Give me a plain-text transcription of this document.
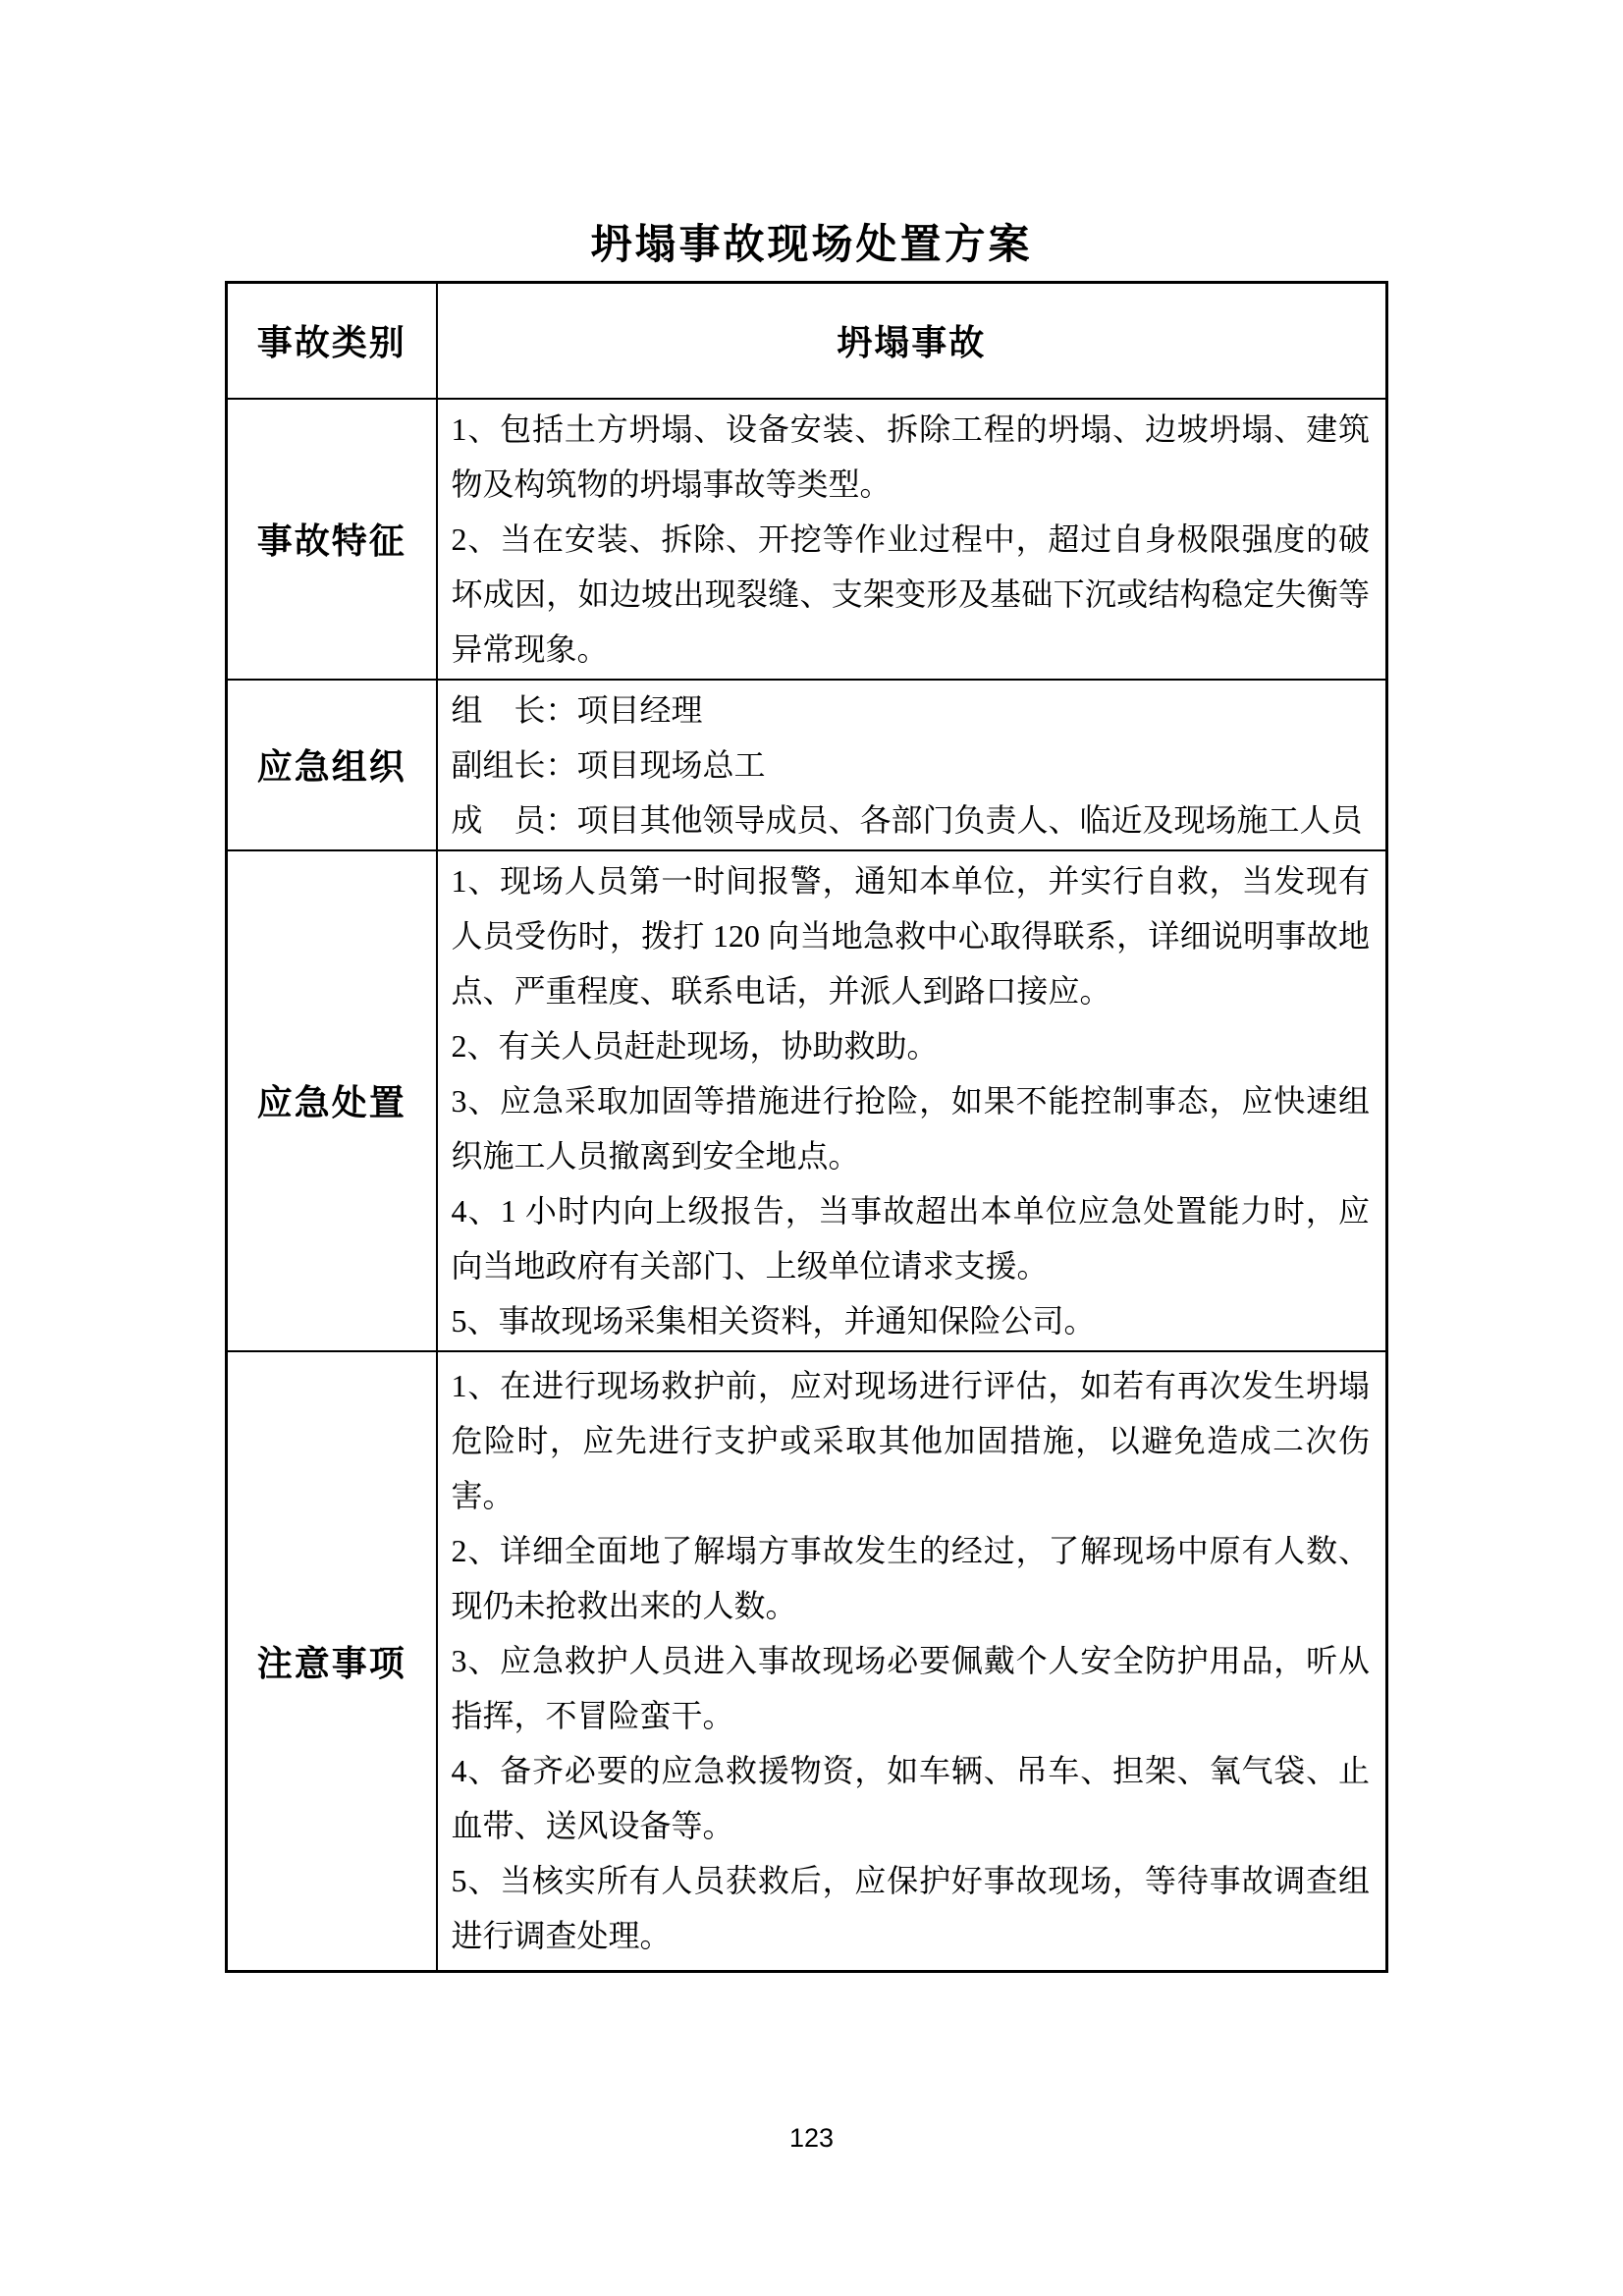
坍塌事故现场处置方案
事故类别	坍塌事故
事故特征	1、包括土方坍塌、设备安装、拆除工程的坍塌、边坡坍塌、建筑物及构筑物的坍塌事故等类型。
2、当在安装、拆除、开挖等作业过程中，超过自身极限强度的破坏成因，如边坡出现裂缝、支架变形及基础下沉或结构稳定失衡等异常现象。

应急组织	组　长：项目经理
副组长：项目现场总工
成　员：项目其他领导成员、各部门负责人、临近及现场施工人员

应急处置	1、现场人员第一时间报警，通知本单位，并实行自救，当发现有人员受伤时，拨打 120 向当地急救中心取得联系，详细说明事故地点、严重程度、联系电话，并派人到路口接应。
2、有关人员赶赴现场，协助救助。
3、应急采取加固等措施进行抢险，如果不能控制事态，应快速组织施工人员撤离到安全地点。
4、1 小时内向上级报告，当事故超出本单位应急处置能力时，应向当地政府有关部门、上级单位请求支援。
5、事故现场采集相关资料，并通知保险公司。

注意事项	1、在进行现场救护前，应对现场进行评估，如若有再次发生坍塌危险时，应先进行支护或采取其他加固措施，以避免造成二次伤害。
2、详细全面地了解塌方事故发生的经过，了解现场中原有人数、现仍未抢救出来的人数。
3、应急救护人员进入事故现场必要佩戴个人安全防护用品，听从指挥，不冒险蛮干。
4、备齐必要的应急救援物资，如车辆、吊车、担架、氧气袋、止血带、送风设备等。
5、当核实所有人员获救后，应保护好事故现场，等待事故调查组进行调查处理。
123
